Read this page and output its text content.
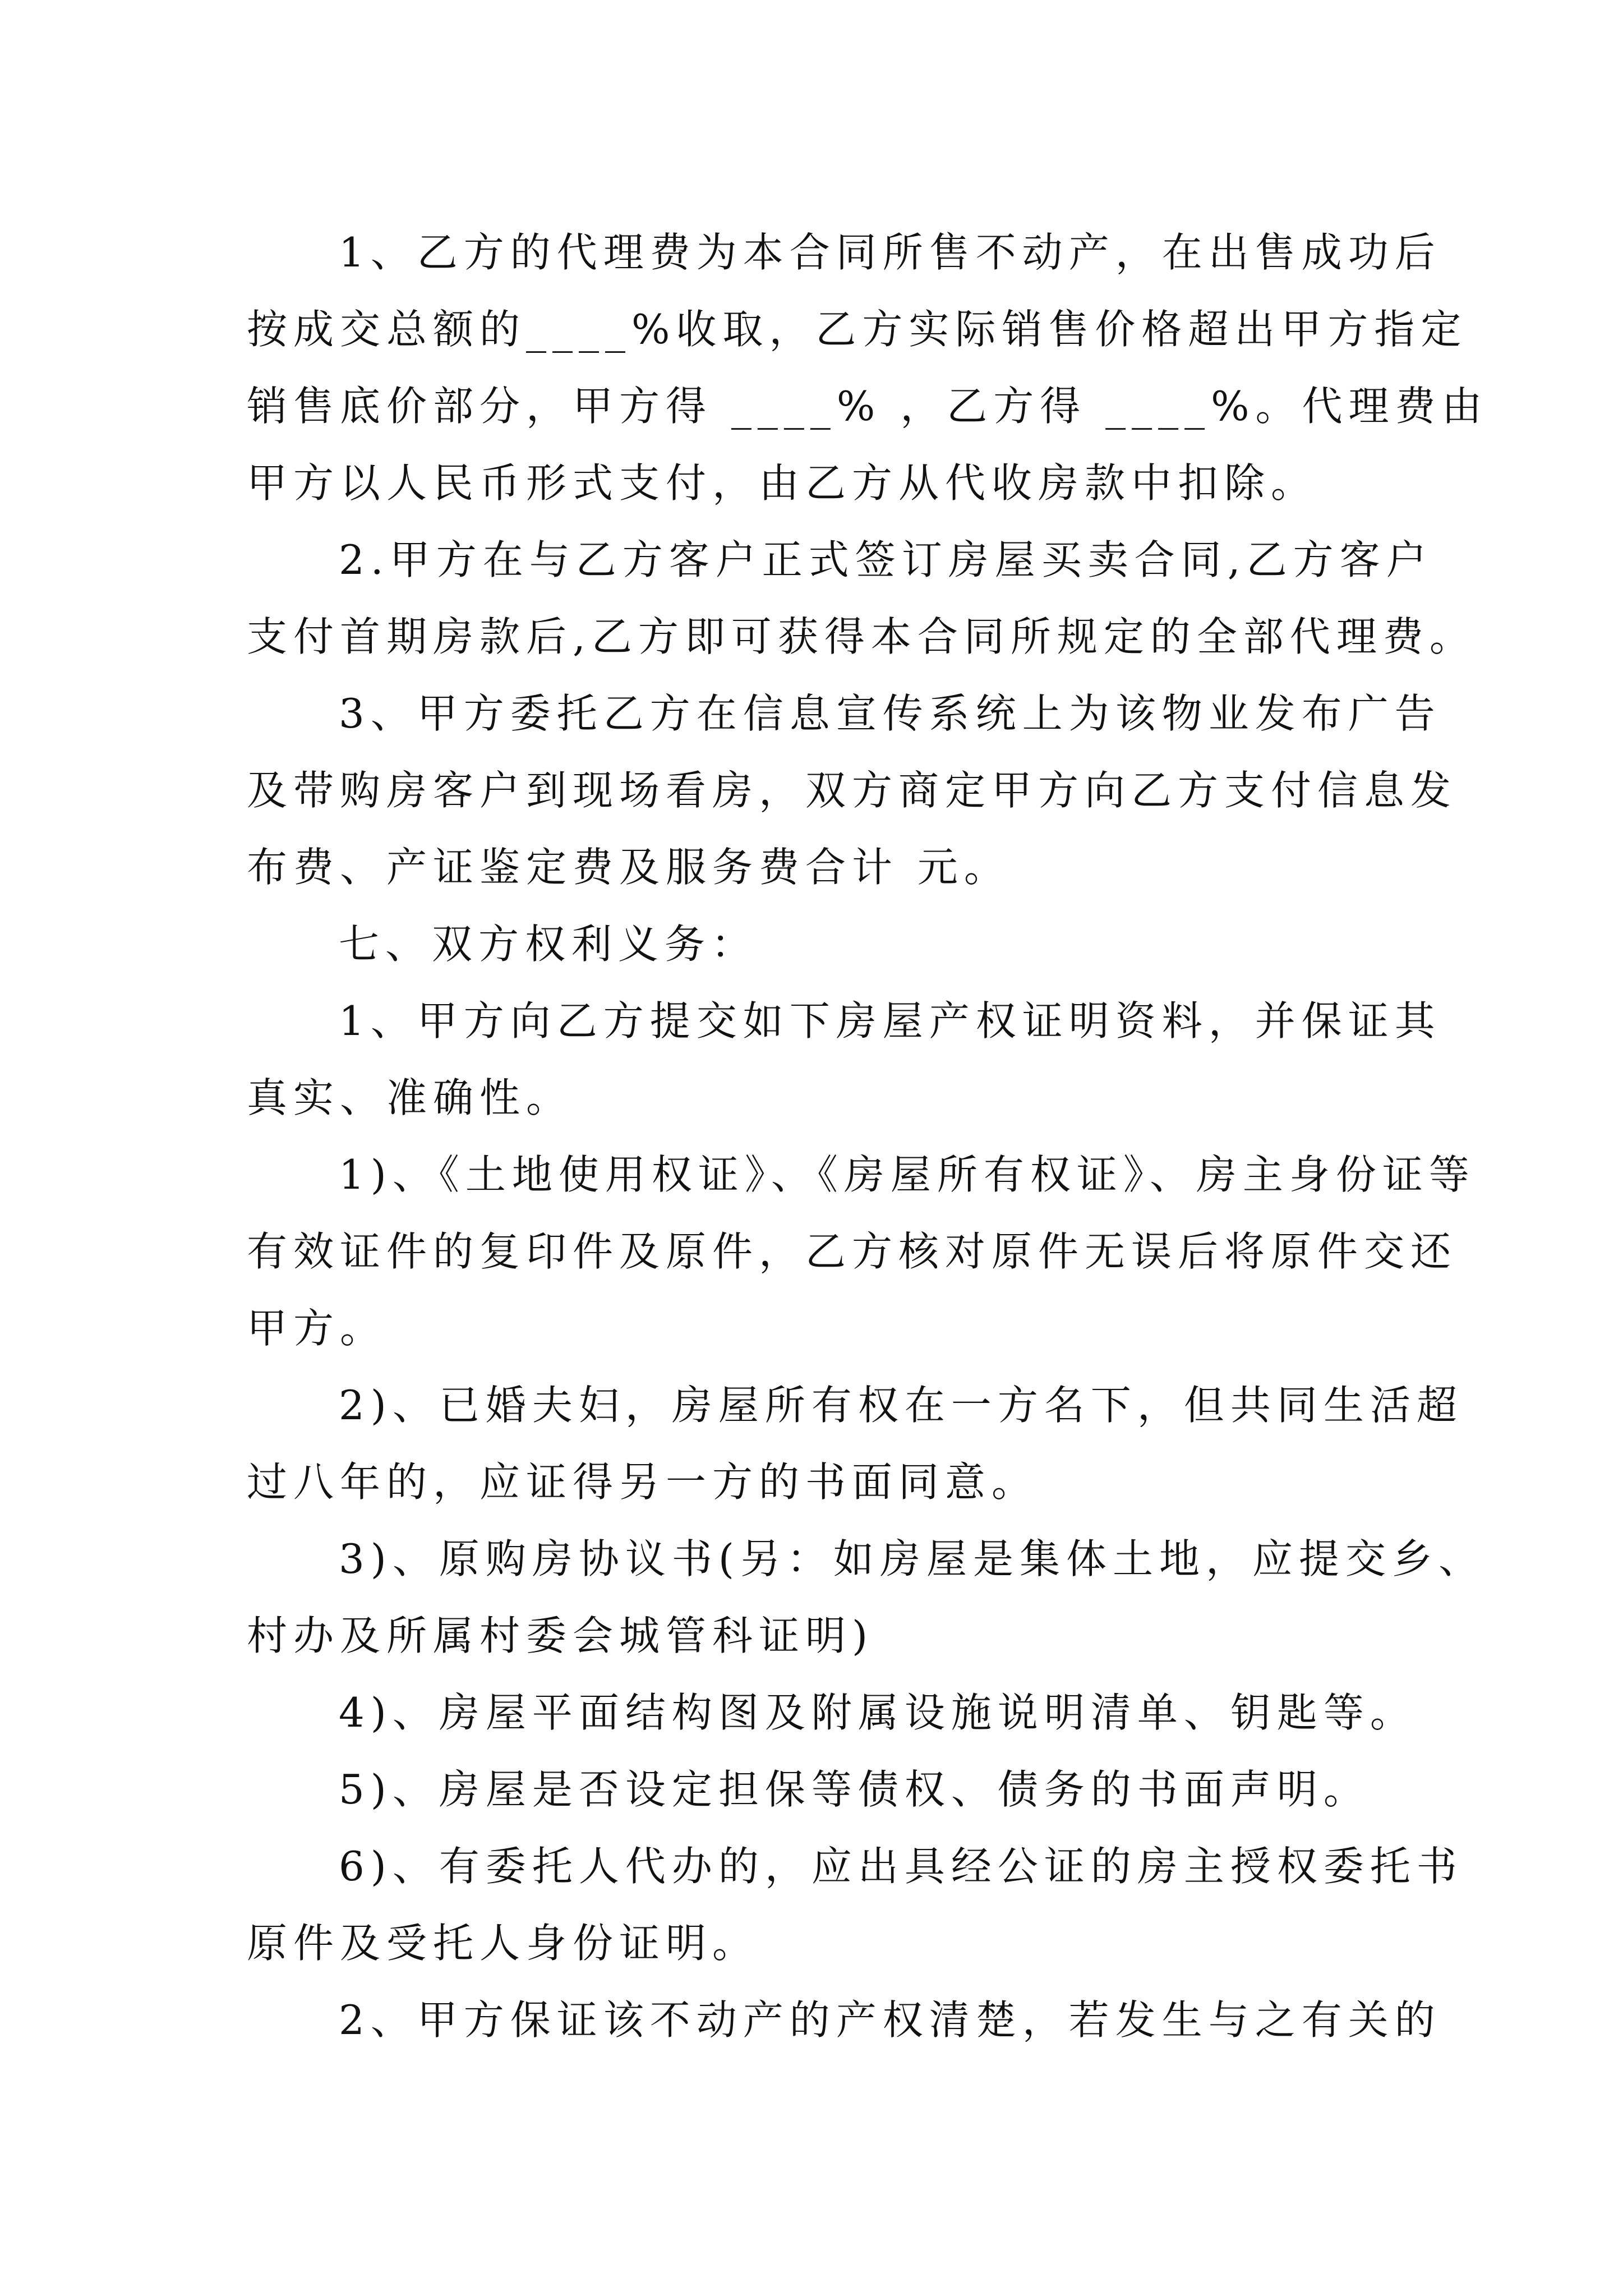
1、乙方的代理费为本合同所售不动产，在出售成功后
按成交总额的____%收取，乙方实际销售价格超出甲方指定
销售底价部分，甲方得 ____% ，乙方得 ____%。代理费由
甲方以人民币形式支付，由乙方从代收房款中扣除。
2.甲方在与乙方客户正式签订房屋买卖合同,乙方客户
支付首期房款后,乙方即可获得本合同所规定的全部代理费。
3、甲方委托乙方在信息宣传系统上为该物业发布广告
及带购房客户到现场看房，双方商定甲方向乙方支付信息发
布费、产证鉴定费及服务费合计 元。
七、双方权利义务：
1、甲方向乙方提交如下房屋产权证明资料，并保证其
真实、准确性。
1)、《土地使用权证》、《房屋所有权证》、房主身份证等
有效证件的复印件及原件，乙方核对原件无误后将原件交还
甲方。
2)、已婚夫妇，房屋所有权在一方名下，但共同生活超
过八年的，应证得另一方的书面同意。
3)、原购房协议书(另：如房屋是集体土地，应提交乡、
村办及所属村委会城管科证明)
4)、房屋平面结构图及附属设施说明清单、钥匙等。
5)、房屋是否设定担保等债权、债务的书面声明。
6)、有委托人代办的，应出具经公证的房主授权委托书
原件及受托人身份证明。
2、甲方保证该不动产的产权清楚，若发生与之有关的
